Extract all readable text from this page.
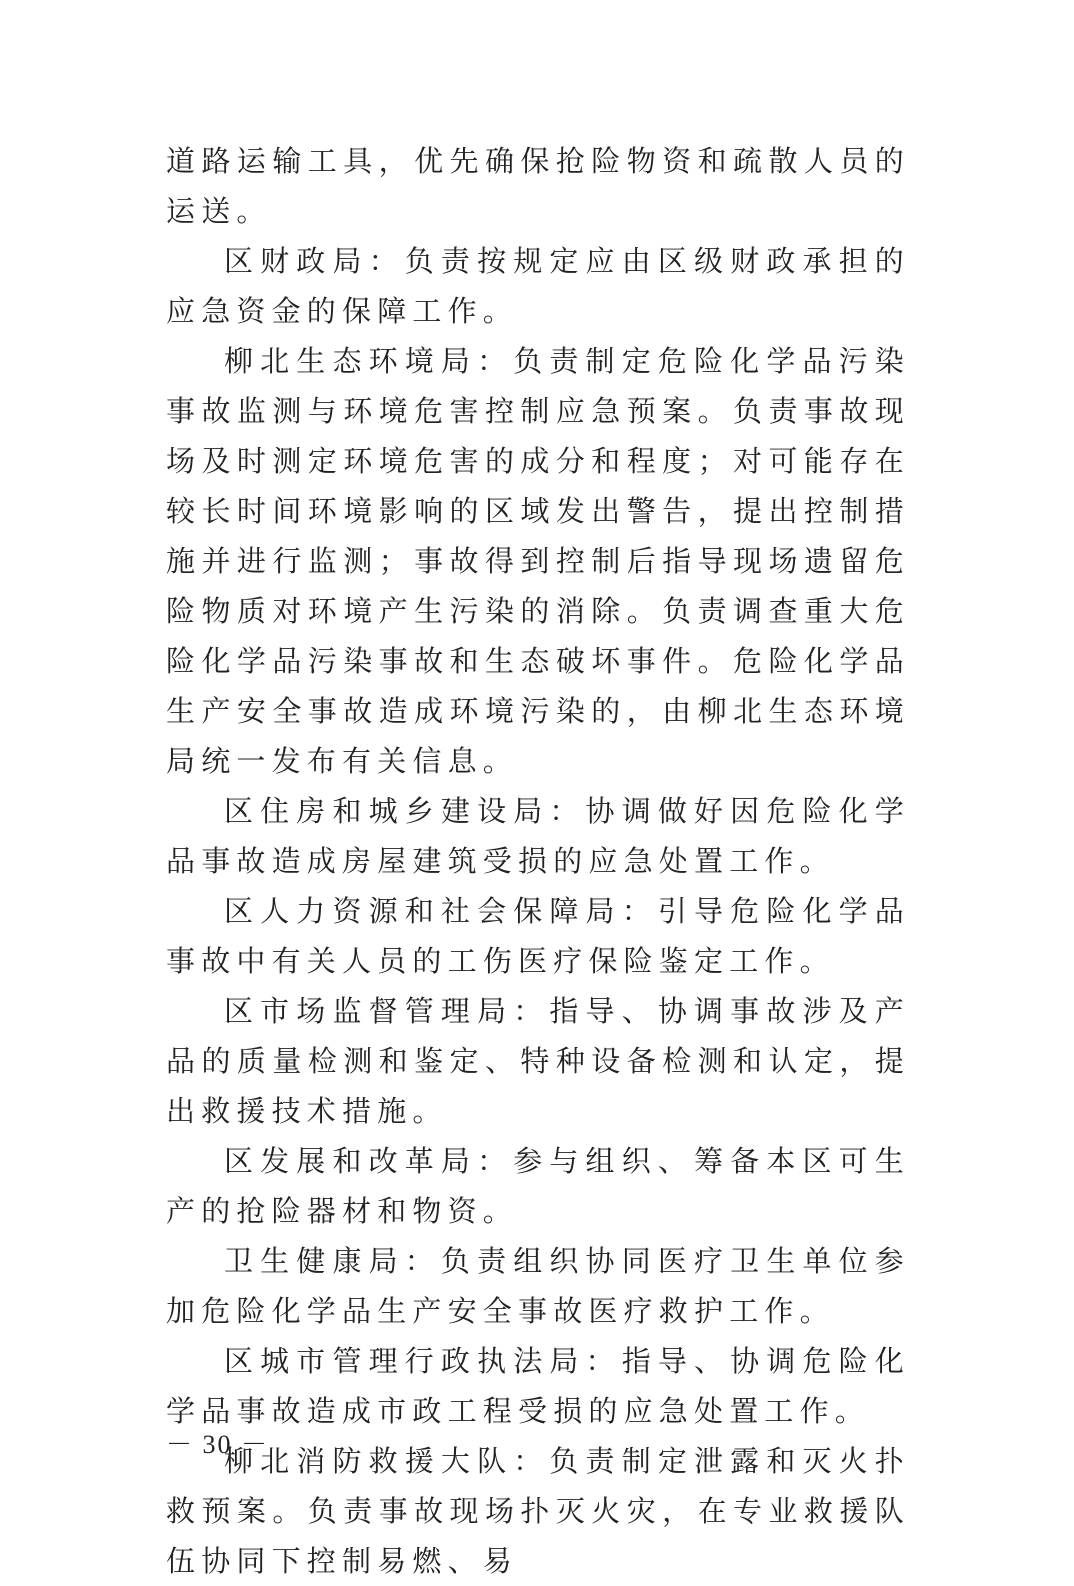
道路运输工具，优先确保抢险物资和疏散人员的运送。

区财政局：负责按规定应由区级财政承担的应急资金的保障工作。

柳北生态环境局：负责制定危险化学品污染事故监测与环境危害控制应急预案。负责事故现场及时测定环境危害的成分和程度；对可能存在较长时间环境影响的区域发出警告，提出控制措施并进行监测；事故得到控制后指导现场遗留危险物质对环境产生污染的消除。负责调查重大危险化学品污染事故和生态破坏事件。危险化学品生产安全事故造成环境污染的，由柳北生态环境局统一发布有关信息。

区住房和城乡建设局：协调做好因危险化学品事故造成房屋建筑受损的应急处置工作。

区人力资源和社会保障局：引导危险化学品事故中有关人员的工伤医疗保险鉴定工作。

区市场监督管理局：指导、协调事故涉及产品的质量检测和鉴定、特种设备检测和认定，提出救援技术措施。

区发展和改革局：参与组织、筹备本区可生产的抢险器材和物资。

卫生健康局：负责组织协同医疗卫生单位参加危险化学品生产安全事故医疗救护工作。

区城市管理行政执法局：指导、协调危险化学品事故造成市政工程受损的应急处置工作。

柳北消防救援大队：负责制定泄露和灭火扑救预案。负责事故现场扑灭火灾，在专业救援队伍协同下控制易燃、易

－ 30 －
